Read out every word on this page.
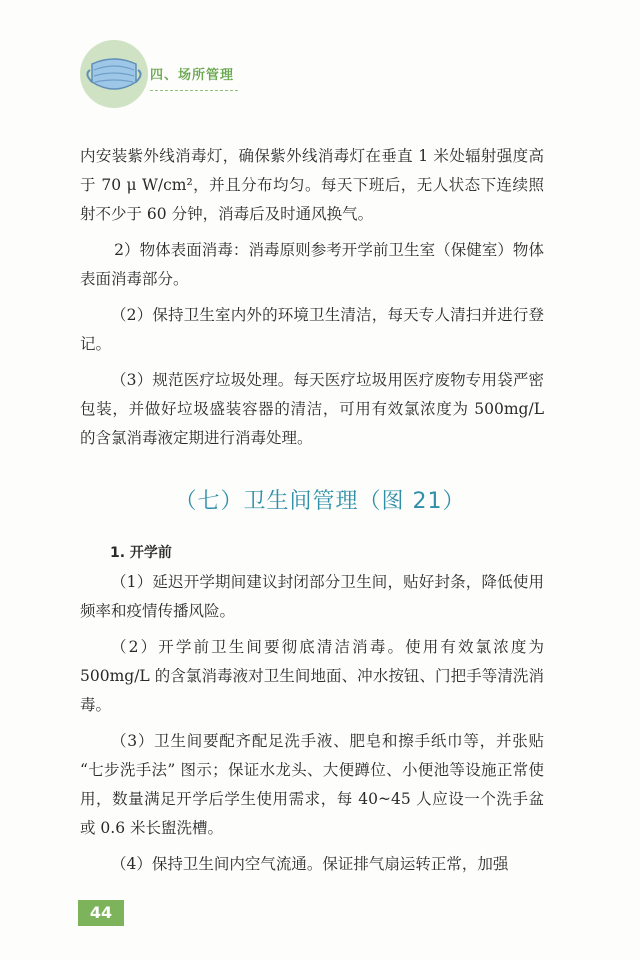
四、场所管理

内安装紫外线消毒灯，确保紫外线消毒灯在垂直 1 米处辐射强度高于 70 μ W/cm²，并且分布均匀。每天下班后，无人状态下连续照射不少于 60 分钟，消毒后及时通风换气。

2）物体表面消毒：消毒原则参考开学前卫生室（保健室）物体表面消毒部分。

（2）保持卫生室内外的环境卫生清洁，每天专人清扫并进行登记。

（3）规范医疗垃圾处理。每天医疗垃圾用医疗废物专用袋严密包装，并做好垃圾盛装容器的清洁，可用有效氯浓度为 500mg/L 的含氯消毒液定期进行消毒处理。

（七）卫生间管理（图 21）
1. 开学前

（1）延迟开学期间建议封闭部分卫生间，贴好封条，降低使用频率和疫情传播风险。

（2）开学前卫生间要彻底清洁消毒。使用有效氯浓度为 500mg/L 的含氯消毒液对卫生间地面、冲水按钮、门把手等清洗消毒。

（3）卫生间要配齐配足洗手液、肥皂和擦手纸巾等，并张贴 “七步洗手法” 图示；保证水龙头、大便蹲位、小便池等设施正常使用，数量满足开学后学生使用需求，每 40~45 人应设一个洗手盆或 0.6 米长盥洗槽。

（4）保持卫生间内空气流通。保证排气扇运转正常，加强

44
